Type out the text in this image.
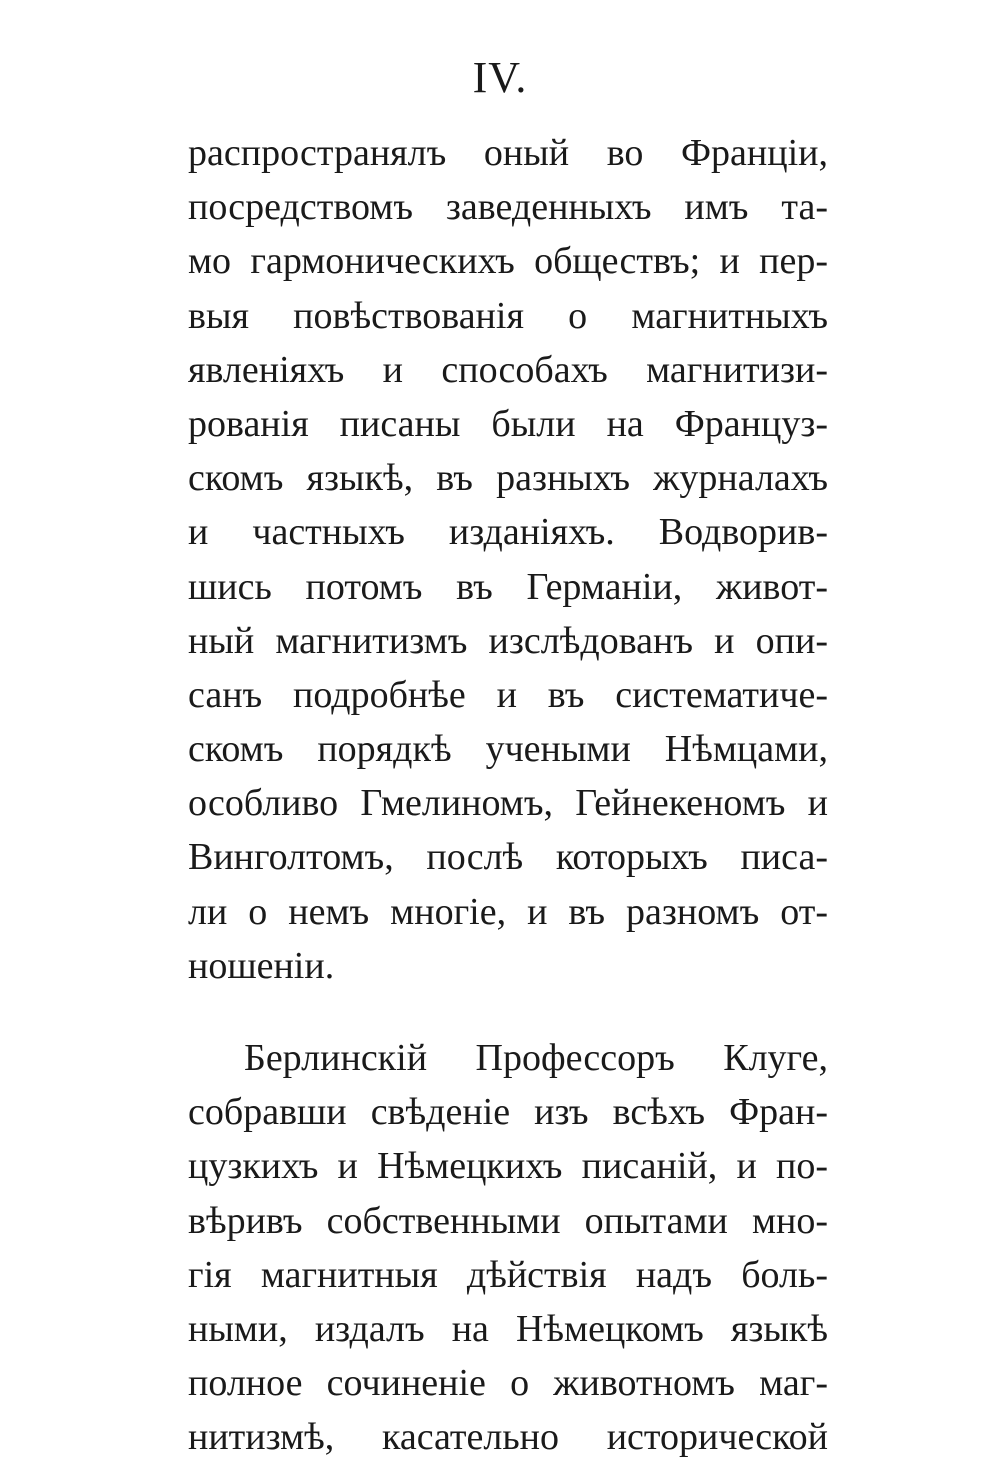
IV.
распространялъ оный во Франціи,
посредствомъ заведенныхъ имъ та-
мо гармоническихъ обществъ; и пер-
выя повѣствованія о магнитныхъ
явленіяхъ и способахъ магнитизи-
рованія писаны были на Француз-
скомъ языкѣ, въ разныхъ журналахъ
и частныхъ изданіяхъ. Водворив-
шись потомъ въ Германіи, живот-
ный магнитизмъ изслѣдованъ и опи-
санъ подробнѣе и въ систематиче-
скомъ порядкѣ учеными Нѣмцами,
особливо Гмелиномъ, Гейнекеномъ и
Винголтомъ, послѣ которыхъ писа-
ли о немъ многіе, и въ разномъ от-
ношеніи.
Берлинскій Профессоръ Клуге,
собравши свѣденіе изъ всѣхъ Фран-
цузкихъ и Нѣмецкихъ писаній, и по-
вѣривъ собственными опытами мно-
гія магнитныя дѣйствія надъ боль-
ными, издалъ на Нѣмецкомъ языкѣ
полное сочиненіе о животномъ маг-
нитизмѣ, касательно исторической
